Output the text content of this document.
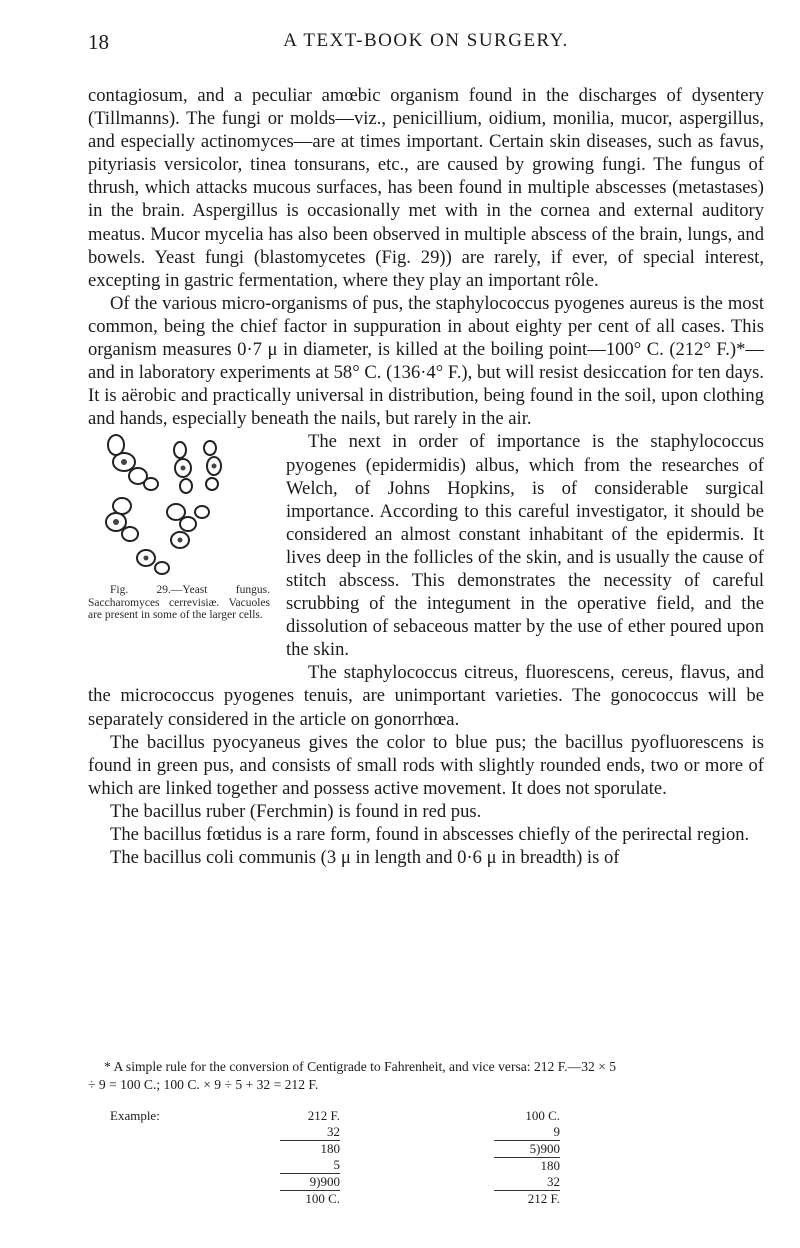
18	A TEXT-BOOK ON SURGERY.

contagiosum, and a peculiar amœbic organism found in the discharges of dysentery (Tillmanns). The fungi or molds—viz., penicillium, oidium, monilia, mucor, aspergillus, and especially actinomyces—are at times important. Certain skin diseases, such as favus, pityriasis versicolor, tinea tonsurans, etc., are caused by growing fungi. The fungus of thrush, which attacks mucous surfaces, has been found in multiple abscesses (metastases) in the brain. Aspergillus is occasionally met with in the cornea and external auditory meatus. Mucor mycelia has also been observed in multiple abscess of the brain, lungs, and bowels. Yeast fungi (blastomycetes (Fig. 29)) are rarely, if ever, of special interest, excepting in gastric fermentation, where they play an important rôle.

Of the various micro-organisms of pus, the staphylococcus pyogenes aureus is the most common, being the chief factor in suppuration in about eighty per cent of all cases. This organism measures 0·7 μ in diameter, is killed at the boiling point—100° C. (212° F.)*—and in laboratory experiments at 58° C. (136·4° F.), but will resist desiccation for ten days. It is aërobic and practically universal in distribution, being found in the soil, upon clothing and hands, especially beneath the nails, but rarely in the air.

Fig. 29.—Yeast fungus. Saccharomyces cerrevisiæ. Vacuoles are present in some of the larger cells.
The next in order of importance is the staphylococcus pyogenes (epidermidis) albus, which from the researches of Welch, of Johns Hopkins, is of considerable surgical importance. According to this careful investigator, it should be considered an almost constant inhabitant of the epidermis. It lives deep in the follicles of the skin, and is usually the cause of stitch abscess. This demonstrates the necessity of careful scrubbing of the integument in the operative field, and the dissolution of sebaceous matter by the use of ether poured upon the skin.

The staphylococcus citreus, fluorescens, cereus, flavus, and the micrococcus pyogenes tenuis, are unimportant varieties. The gonococcus will be separately considered in the article on gonorrhœa.

The bacillus pyocyaneus gives the color to blue pus; the bacillus pyofluorescens is found in green pus, and consists of small rods with slightly rounded ends, two or more of which are linked together and possess active movement. It does not sporulate.

The bacillus ruber (Ferchmin) is found in red pus.

The bacillus fœtidus is a rare form, found in abscesses chiefly of the perirectal region.

The bacillus coli communis (3 μ in length and 0·6 μ in breadth) is of

* A simple rule for the conversion of Centigrade to Fahrenheit, and vice versa: 212 F.—32 × 5

÷ 9 = 100 C.; 100 C. × 9 ÷ 5 + 32 = 212 F.
Example:	212 F.
32
180
5
9)900
100 C.
100 C.
9
5)900
180
32
212 F.
